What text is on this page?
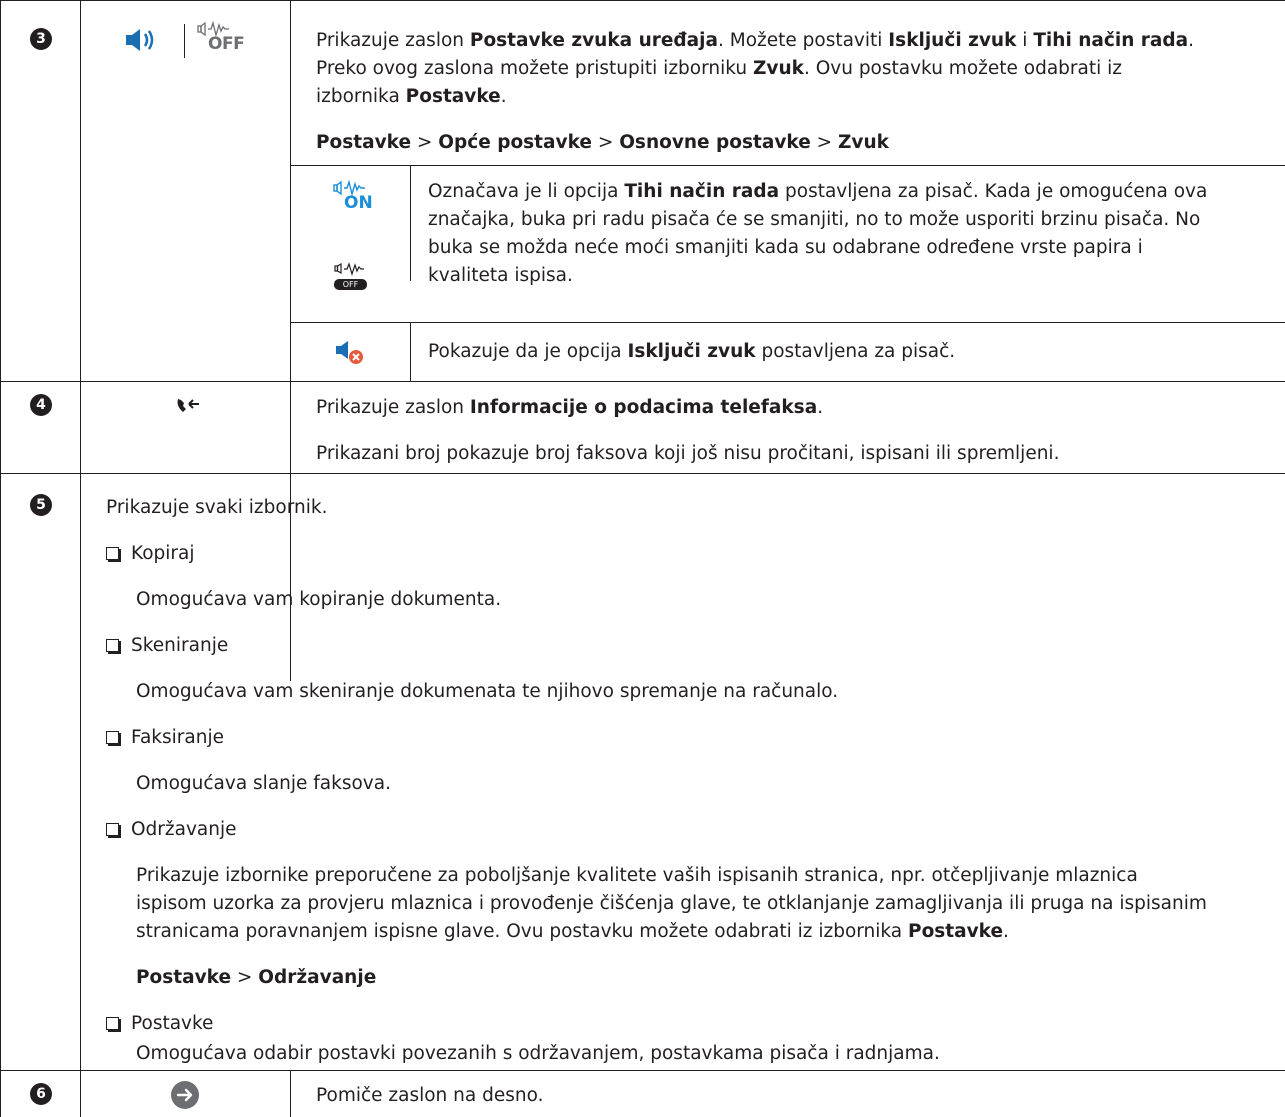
3	OFF	Prikazuje zaslon Postavke zvuka uređaja. Možete postaviti Isključi zvuk i Tihi način rada.
Preko ovog zaslona možete pristupiti izborniku Zvuk. Ovu postavku možete odabrati iz
izbornika Postavke.
Postavke > Opće postavke > Osnovne postavke > Zvuk
ON
OFF
Označava je li opcija Tihi način rada postavljena za pisač. Kada je omogućena ova
značajka, buka pri radu pisača će se smanjiti, no to može usporiti brzinu pisača. No
buka se možda neće moći smanjiti kada su odabrane određene vrste papira i
kvaliteta ispisa.
Pokazuje da je opcija Isključi zvuk postavljena za pisač.
4	Prikazuje zaslon Informacije o podacima telefaksa.
Prikazani broj pokazuje broj faksova koji još nisu pročitani, ispisani ili spremljeni.
5	Prikazuje svaki izbornik.
Kopiraj
Omogućava vam kopiranje dokumenta.
Skeniranje
Omogućava vam skeniranje dokumenata te njihovo spremanje na računalo.
Faksiranje
Omogućava slanje faksova.
Održavanje
Prikazuje izbornike preporučene za poboljšanje kvalitete vaših ispisanih stranica, npr. otčepljivanje mlaznica
ispisom uzorka za provjeru mlaznica i provođenje čišćenja glave, te otklanjanje zamagljivanja ili pruga na ispisanim
stranicama poravnanjem ispisne glave. Ovu postavku možete odabrati iz izbornika Postavke.
Postavke > Održavanje
Postavke
Omogućava odabir postavki povezanih s održavanjem, postavkama pisača i radnjama.
6	Pomiče zaslon na desno.
